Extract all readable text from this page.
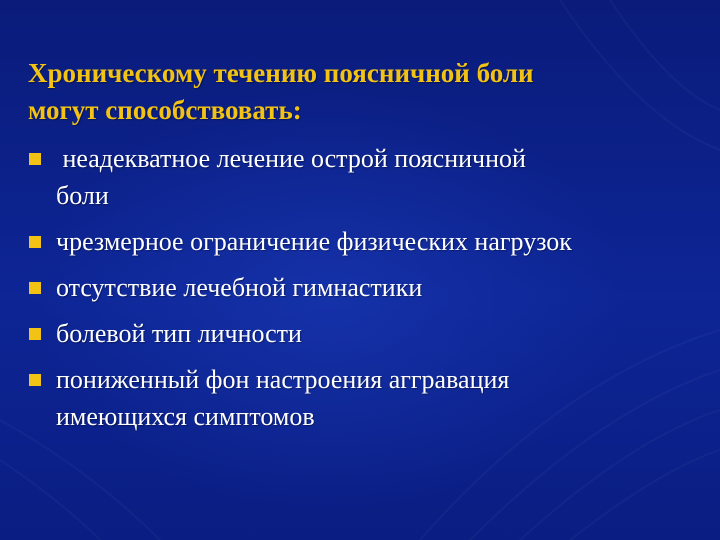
Хроническому течению поясничной боли
могут способствовать:
неадекватное лечение острой поясничной
боли
чрезмерное ограничение физических нагрузок
отсутствие лечебной гимнастики
болевой тип личности
пониженный фон настроения аггравация
имеющихся симптомов
